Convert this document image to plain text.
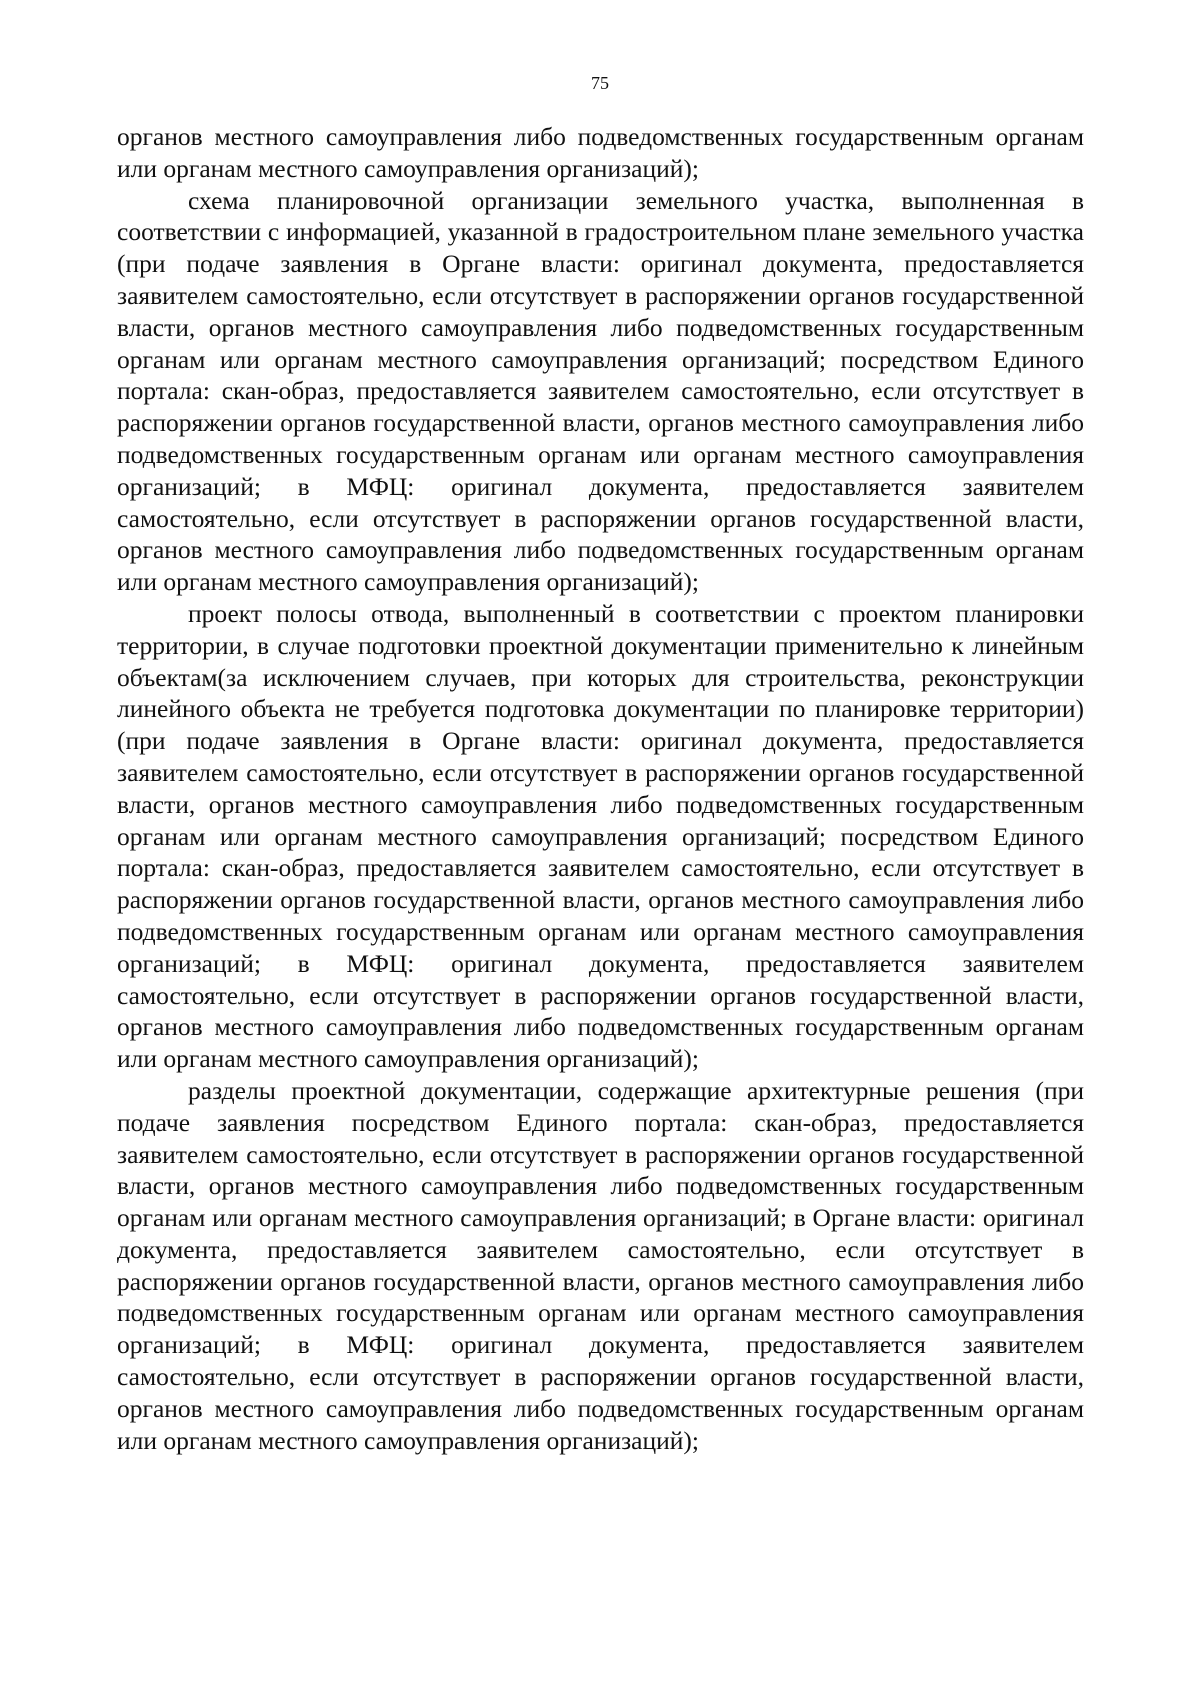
75

органов местного самоуправления либо подведомственных государственным органам или органам местного самоуправления организаций);

схема планировочной организации земельного участка, выполненная в соответствии с информацией, указанной в градостроительном плане земельного участка (при подаче заявления в Органе власти: оригинал документа, предоставляется заявителем самостоятельно, если отсутствует в распоряжении органов государственной власти, органов местного самоуправления либо подведомственных государственным органам или органам местного самоуправления организаций; посредством Единого портала: скан-образ, предоставляется заявителем самостоятельно, если отсутствует в распоряжении органов государственной власти, органов местного самоуправления либо подведомственных государственным органам или органам местного самоуправления организаций; в МФЦ: оригинал документа, предоставляется заявителем самостоятельно, если отсутствует в распоряжении органов государственной власти, органов местного самоуправления либо подведомственных государственным органам или органам местного самоуправления организаций);

проект полосы отвода, выполненный в соответствии с проектом планировки территории, в случае подготовки проектной документации применительно к линейным объектам(за исключением случаев, при которых для строительства, реконструкции линейного объекта не требуется подготовка документации по планировке территории) (при подаче заявления в Органе власти: оригинал документа, предоставляется заявителем самостоятельно, если отсутствует в распоряжении органов государственной власти, органов местного самоуправления либо подведомственных государственным органам или органам местного самоуправления организаций; посредством Единого портала: скан-образ, предоставляется заявителем самостоятельно, если отсутствует в распоряжении органов государственной власти, органов местного самоуправления либо подведомственных государственным органам или органам местного самоуправления организаций; в МФЦ: оригинал документа, предоставляется заявителем самостоятельно, если отсутствует в распоряжении органов государственной власти, органов местного самоуправления либо подведомственных государственным органам или органам местного самоуправления организаций);

разделы проектной документации, содержащие архитектурные решения (при подаче заявления посредством Единого портала: скан-образ, предоставляется заявителем самостоятельно, если отсутствует в распоряжении органов государственной власти, органов местного самоуправления либо подведомственных государственным органам или органам местного самоуправления организаций; в Органе власти: оригинал документа, предоставляется заявителем самостоятельно, если отсутствует в распоряжении органов государственной власти, органов местного самоуправления либо подведомственных государственным органам или органам местного самоуправления организаций; в МФЦ: оригинал документа, предоставляется заявителем самостоятельно, если отсутствует в распоряжении органов государственной власти, органов местного самоуправления либо подведомственных государственным органам или органам местного самоуправления организаций);
